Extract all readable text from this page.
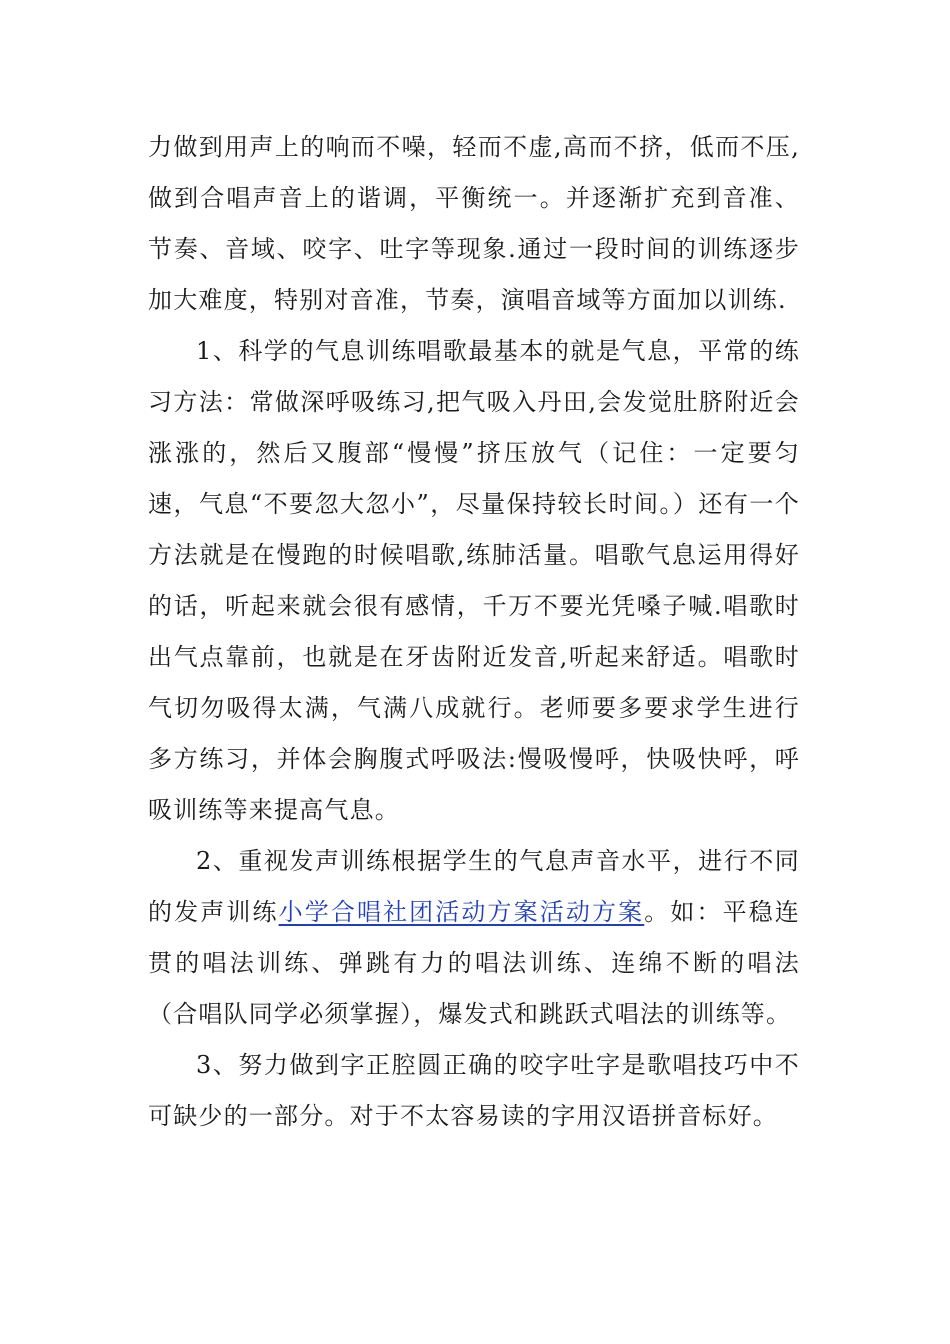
力做到用声上的响而不噪，轻而不虚,高而不挤，低而不压,做到合唱声音上的谐调，平衡统一。并逐渐扩充到音准、节奏、音域、咬字、吐字等现象.通过一段时间的训练逐步加大难度，特别对音准，节奏，演唱音域等方面加以训练.

1、科学的气息训练唱歌最基本的就是气息，平常的练习方法：常做深呼吸练习,把气吸入丹田,会发觉肚脐附近会涨涨的，然后又腹部“慢慢”挤压放气（记住：一定要匀速，气息“不要忽大忽小”，尽量保持较长时间。）还有一个方法就是在慢跑的时候唱歌,练肺活量。唱歌气息运用得好的话，听起来就会很有感情，千万不要光凭嗓子喊.唱歌时出气点靠前，也就是在牙齿附近发音,听起来舒适。唱歌时气切勿吸得太满，气满八成就行。老师要多要求学生进行多方练习，并体会胸腹式呼吸法:慢吸慢呼，快吸快呼，呼吸训练等来提高气息。

2、重视发声训练根据学生的气息声音水平，进行不同的发声训练小学合唱社团活动方案活动方案。如：平稳连贯的唱法训练、弹跳有力的唱法训练、连绵不断的唱法（合唱队同学必须掌握），爆发式和跳跃式唱法的训练等。

3、努力做到字正腔圆正确的咬字吐字是歌唱技巧中不可缺少的一部分。对于不太容易读的字用汉语拼音标好。
